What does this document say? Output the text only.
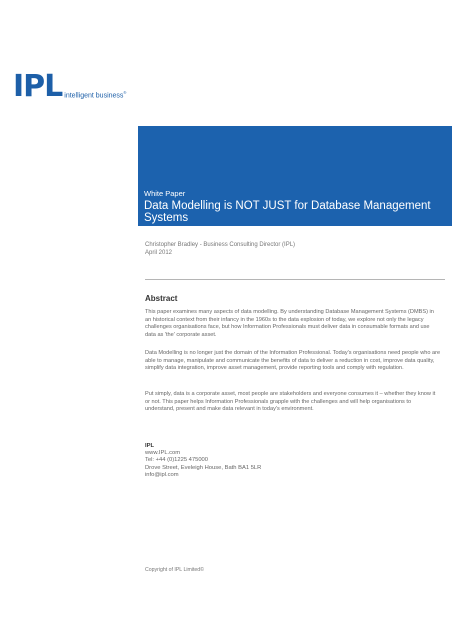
IPL intelligent business®
White Paper
Data Modelling is NOT JUST for Database Management Systems
Christopher Bradley - Business Consulting Director (IPL)
April 2012
Abstract
This paper examines many aspects of data modelling. By understanding Database Management Systems (DMBS) in an historical context from their infancy in the 1960s to the data explosion of today, we explore not only the legacy challenges organisations face, but how Information Professionals must deliver data in consumable formats and use data as 'the' corporate asset.
Data Modelling is no longer just the domain of the Information Professional. Today's organisations need people who are able to manage, manipulate and communicate the benefits of data to deliver a reduction in cost, improve data quality, simplify data integration, improve asset management, provide reporting tools and comply with regulation.
Put simply, data is a corporate asset, most people are stakeholders and everyone consumes it – whether they know it or not. This paper helps Information Professionals grapple with the challenges and will help organisations to understand, present and make data relevant in today's environment.
IPL
www.IPL.com
Tel: +44 (0)1225 475000
Drove Street, Eveleigh House, Bath BA1 5LR
info@ipl.com
Copyright of IPL Limited©
